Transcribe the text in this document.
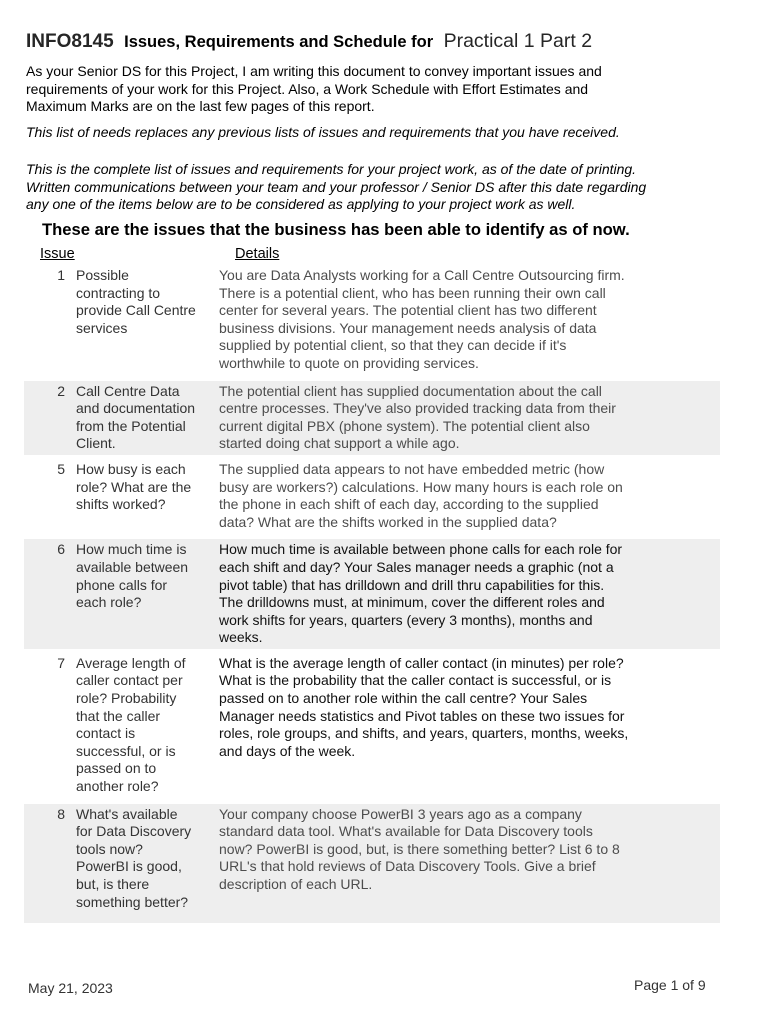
INFO8145 Issues, Requirements and Schedule for Practical 1 Part 2
As your Senior DS for this Project, I am writing this document to convey important issues and
requirements of your work for this Project. Also, a Work Schedule with Effort Estimates and
Maximum Marks are on the last few pages of this report.
This list of needs replaces any previous lists of issues and requirements that you have received.
This is the complete list of issues and requirements for your project work, as of the date of printing.
Written communications between your team and your professor / Senior DS after this date regarding
any one of the items below are to be considered as applying to your project work as well.
These are the issues that the business has been able to identify as of now.
Issue	Details
1 Possible
contracting to
provide Call Centre
services
You are Data Analysts working for a Call Centre Outsourcing firm.
There is a potential client, who has been running their own call
center for several years. The potential client has two different
business divisions. Your management needs analysis of data
supplied by potential client, so that they can decide if it's
worthwhile to quote on providing services.
2 Call Centre Data
and documentation
from the Potential
Client.
The potential client has supplied documentation about the call
centre processes. They've also provided tracking data from their
current digital PBX (phone system). The potential client also
started doing chat support a while ago.
5 How busy is each
role? What are the
shifts worked?
The supplied data appears to not have embedded metric (how
busy are workers?) calculations. How many hours is each role on
the phone in each shift of each day, according to the supplied
data? What are the shifts worked in the supplied data?
6 How much time is
available between
phone calls for
each role?
How much time is available between phone calls for each role for
each shift and day? Your Sales manager needs a graphic (not a
pivot table) that has drilldown and drill thru capabilities for this.
The drilldowns must, at minimum, cover the different roles and
work shifts for years, quarters (every 3 months), months and
weeks.
7 Average length of
caller contact per
role? Probability
that the caller
contact is
successful, or is
passed on to
another role?
What is the average length of caller contact (in minutes) per role?
What is the probability that the caller contact is successful, or is
passed on to another role within the call centre? Your Sales
Manager needs statistics and Pivot tables on these two issues for
roles, role groups, and shifts, and years, quarters, months, weeks,
and days of the week.
8 What's available
for Data Discovery
tools now?
PowerBI is good,
but, is there
something better?
Your company choose PowerBI 3 years ago as a company
standard data tool. What's available for Data Discovery tools
now? PowerBI is good, but, is there something better? List 6 to 8
URL's that hold reviews of Data Discovery Tools. Give a brief
description of each URL.
May 21, 2023	Page 1 of 9
